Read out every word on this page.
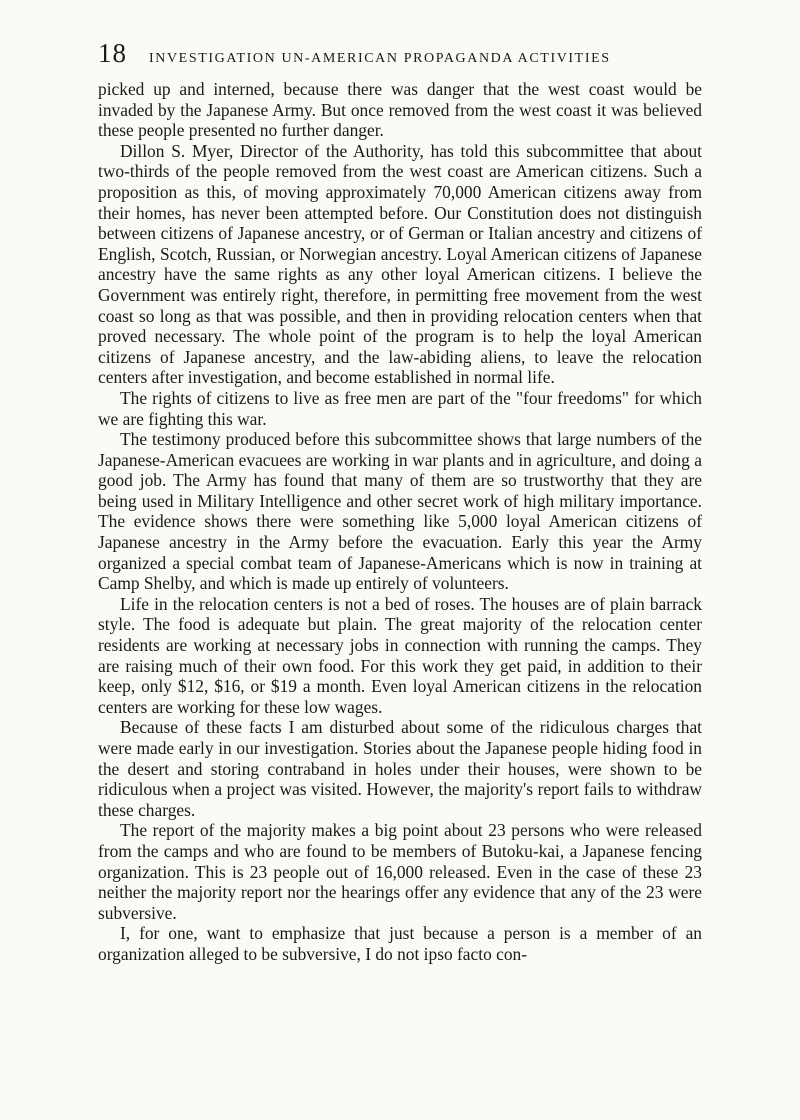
18 INVESTIGATION UN-AMERICAN PROPAGANDA ACTIVITIES

picked up and interned, because there was danger that the west coast would be invaded by the Japanese Army. But once removed from the west coast it was believed these people presented no further danger.

Dillon S. Myer, Director of the Authority, has told this subcommittee that about two-thirds of the people removed from the west coast are American citizens. Such a proposition as this, of moving approximately 70,000 American citizens away from their homes, has never been attempted before. Our Constitution does not distinguish between citizens of Japanese ancestry, or of German or Italian ancestry and citizens of English, Scotch, Russian, or Norwegian ancestry. Loyal American citizens of Japanese ancestry have the same rights as any other loyal American citizens. I believe the Government was entirely right, therefore, in permitting free movement from the west coast so long as that was possible, and then in providing relocation centers when that proved necessary. The whole point of the program is to help the loyal American citizens of Japanese ancestry, and the law-abiding aliens, to leave the relocation centers after investigation, and become established in normal life.

The rights of citizens to live as free men are part of the "four freedoms" for which we are fighting this war.

The testimony produced before this subcommittee shows that large numbers of the Japanese-American evacuees are working in war plants and in agriculture, and doing a good job. The Army has found that many of them are so trustworthy that they are being used in Military Intelligence and other secret work of high military importance. The evidence shows there were something like 5,000 loyal American citizens of Japanese ancestry in the Army before the evacuation. Early this year the Army organized a special combat team of Japanese-Americans which is now in training at Camp Shelby, and which is made up entirely of volunteers.

Life in the relocation centers is not a bed of roses. The houses are of plain barrack style. The food is adequate but plain. The great majority of the relocation center residents are working at necessary jobs in connection with running the camps. They are raising much of their own food. For this work they get paid, in addition to their keep, only $12, $16, or $19 a month. Even loyal American citizens in the relocation centers are working for these low wages.

Because of these facts I am disturbed about some of the ridiculous charges that were made early in our investigation. Stories about the Japanese people hiding food in the desert and storing contraband in holes under their houses, were shown to be ridiculous when a project was visited. However, the majority's report fails to withdraw these charges.

The report of the majority makes a big point about 23 persons who were released from the camps and who are found to be members of Butoku-kai, a Japanese fencing organization. This is 23 people out of 16,000 released. Even in the case of these 23 neither the majority report nor the hearings offer any evidence that any of the 23 were subversive.

I, for one, want to emphasize that just because a person is a member of an organization alleged to be subversive, I do not ipso facto con-
